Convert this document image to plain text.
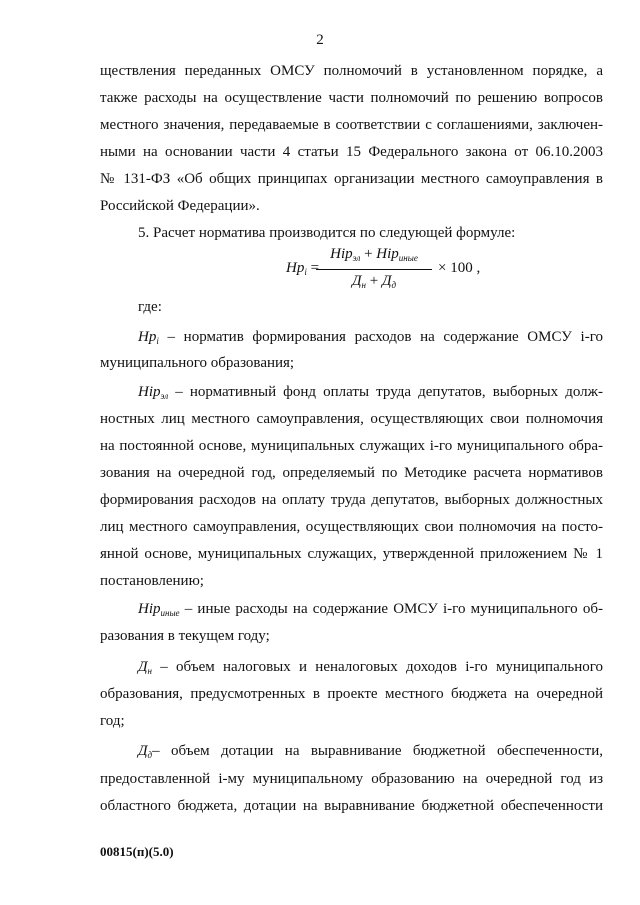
2
ществления переданных ОМСУ полномочий в установленном порядке, а
также расходы на осуществление части полномочий по решению вопросов
местного значения, передаваемые в соответствии с соглашениями, заключен-
ными на основании части 4 статьи 15 Федерального закона от 06.10.2003
№ 131-ФЗ «Об общих принципах организации местного самоуправления в
Российской Федерации».
5. Расчет норматива производится по следующей формуле:
$Нр_i$ =
Нір$_{эл}$ + Нір$_{иные}$
$Д_н + Д_д$
× 100 ,
где:
$Нр_i$ – норматив формирования расходов на содержание ОМСУ і-го
муниципального образования;
Нір$_{эл}$ – нормативный фонд оплаты труда депутатов, выборных долж-
ностных лиц местного самоуправления, осуществляющих свои полномочия
на постоянной основе, муниципальных служащих і-го муниципального обра-
зования на очередной год, определяемый по Методике расчета нормативов
формирования расходов на оплату труда депутатов, выборных должностных
лиц местного самоуправления, осуществляющих свои полномочия на посто-
янной основе, муниципальных служащих, утвержденной приложением № 1
постановлению;
Нір$_{иные}$ – иные расходы на содержание ОМСУ і-го муниципального об-
разования в текущем году;
$Д_н$ – объем налоговых и неналоговых доходов і-го муниципального
образования, предусмотренных в проекте местного бюджета на очередной
год;
$Д_д-$ объем дотации на выравнивание бюджетной обеспеченности,
предоставленной і-му муниципальному образованию на очередной год из
областного бюджета, дотации на выравнивание бюджетной обеспеченности
00815(п)(5.0)
